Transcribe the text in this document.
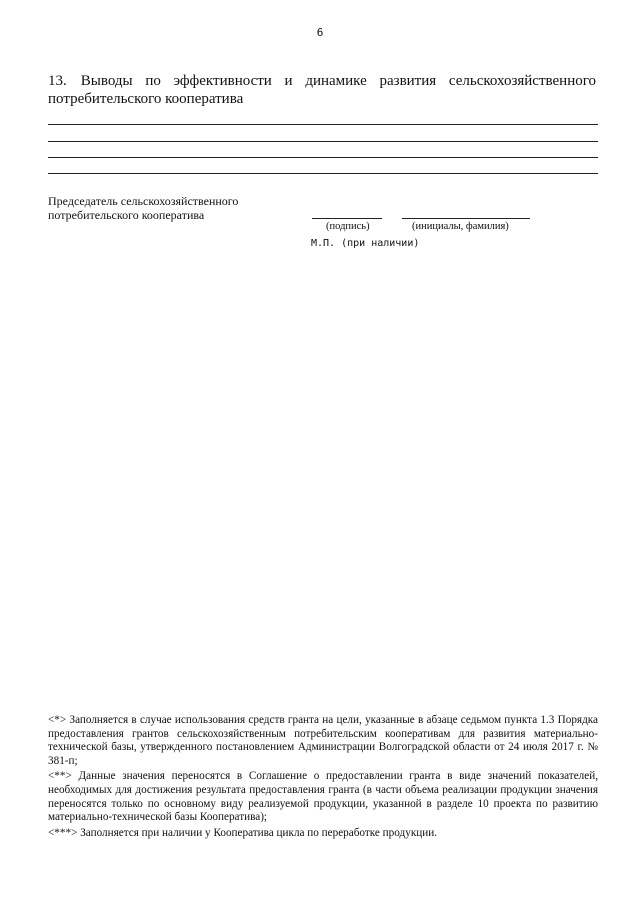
6
13. Выводы по эффективности и динамике развития сельскохозяйственного потребительского кооператива
Председатель сельскохозяйственного потребительского кооператива
(подпись)	(инициалы, фамилия)
М.П. (при наличии)

<*> Заполняется в случае использования средств гранта на цели, указанные в абзаце седьмом пункта 1.3 Порядка предоставления грантов сельскохозяйственным потребительским кооперативам для развития материально-технической базы, утвержденного постановлением Администрации Волгоградской области от 24 июля 2017 г. № 381-п;

<**> Данные значения переносятся в Соглашение о предоставлении гранта в виде значений показателей, необходимых для достижения результата предоставления гранта (в части объема реализации продукции значения переносятся только по основному виду реализуемой продукции, указанной в разделе 10 проекта по развитию материально-технической базы Кооператива);

<***> Заполняется при наличии у Кооператива цикла по переработке продукции.
